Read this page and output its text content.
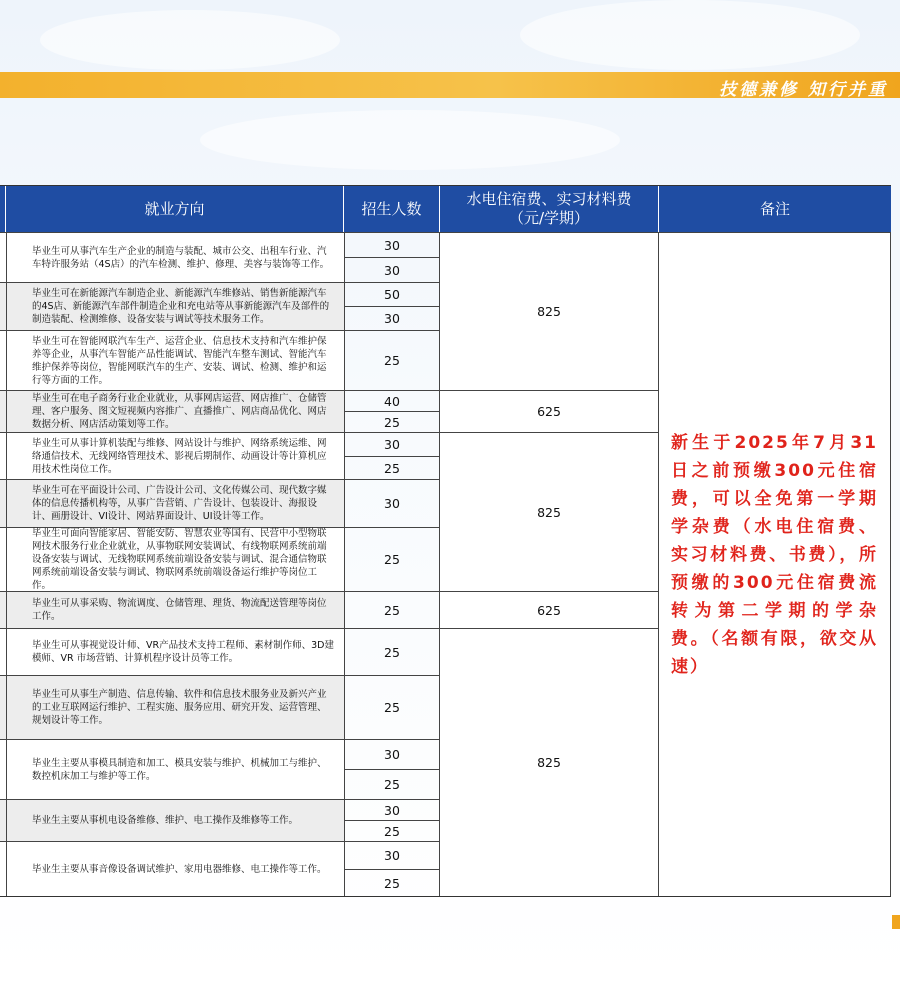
技德兼修 知行并重
就业方向	招生人数
水电住宿费、实习材料费（元/学期）
备注
毕业生可从事汽车生产企业的制造与装配、城市公交、出租车行业、汽车特许服务站（4S店）的汽车检测、维护、修理、美容与装饰等工作。
毕业生可在新能源汽车制造企业、新能源汽车维修站、销售新能源汽车的4S店、新能源汽车部件制造企业和充电站等从事新能源汽车及部件的制造装配、检测维修、设备安装与调试等技术服务工作。
毕业生可在智能网联汽车生产、运营企业、信息技术支持和汽车维护保养等企业，从事汽车智能产品性能调试、智能汽车整车测试、智能汽车维护保养等岗位，智能网联汽车的生产、安装、调试、检测、维护和运行等方面的工作。
毕业生可在电子商务行业企业就业，从事网店运营、网店推广、仓储管理、客户服务、图文短视频内容推广、直播推广、网店商品优化、网店数据分析、网店活动策划等工作。
毕业生可从事计算机装配与维修、网站设计与维护、网络系统运维、网络通信技术、无线网络管理技术、影视后期制作、动画设计等计算机应用技术性岗位工作。
毕业生可在平面设计公司、广告设计公司、文化传媒公司、现代数字媒体的信息传播机构等，从事广告营销、广告设计、包装设计、海报设计、画册设计、VI设计、网站界面设计、UI设计等工作。
毕业生可面向智能家居、智能安防、智慧农业等国有、民营中小型物联网技术服务行业企业就业，从事物联网安装调试、有线物联网系统前端设备安装与调试、无线物联网系统前端设备安装与调试、混合通信物联网系统前端设备安装与调试、物联网系统前端设备运行维护等岗位工作。
毕业生可从事采购、物流调度、仓储管理、理货、物流配送管理等岗位工作。
毕业生可从事视觉设计师、VR产品技术支持工程师、素材制作师、3D建模师、VR 市场营销、计算机程序设计员等工作。
毕业生可从事生产制造、信息传输、软件和信息技术服务业及新兴产业的工业互联网运行维护、工程实施、服务应用、研究开发、运营管理、规划设计等工作。
毕业生主要从事模具制造和加工、模具安装与维护、机械加工与维护、数控机床加工与维护等工作。
毕业生主要从事机电设备维修、维护、电工操作及维修等工作。
毕业生主要从事音像设备调试维护、家用电器维修、电工操作等工作。
30
30
50
30
25
40
25
30
25
30
25
25
25
25
30
25
30
25
30
25
825
625
825
625
825
新生于2025年7月31日之前预缴300元住宿费，可以全免第一学期学杂费（水电住宿费、实习材料费、书费），所预缴的300元住宿费流转为第二学期的学杂费。（名额有限，欲交从速）
